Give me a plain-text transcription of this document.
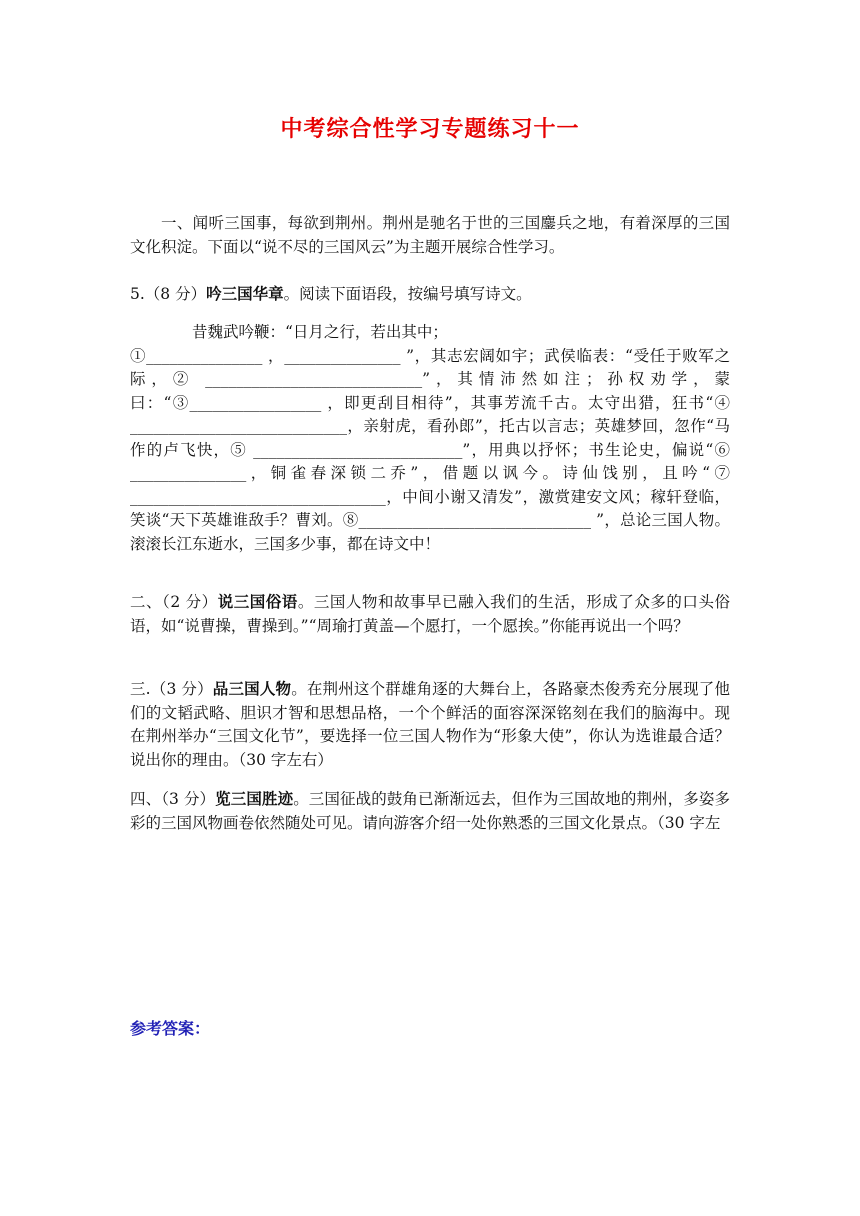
中考综合性学习专题练习十一

一、闻听三国事，每欲到荆州。荆州是驰名于世的三国鏖兵之地，有着深厚的三国文化积淀。下面以“说不尽的三国风云”为主题开展综合性学习。

5.（8 分）吟三国华章。阅读下面语段，按编号填写诗文。

昔魏武吟鞭：“日月之行，若出其中；

①_______________ ，_______________ ”，其志宏阔如宇；武侯临表：“受任于败军之际，② ____________________________”，其情沛然如注；孙权劝学，蒙曰：“③_________________ ，即更刮目相待”，其事芳流千古。太守出猎，狂书“④ ____________________________，亲射虎，看孙郎”，托古以言志；英雄梦回，忽作“马作的卢飞快，⑤ ___________________________”，用典以抒怀；书生论史，偏说“⑥ _______________，铜雀春深锁二乔”，借题以讽今。诗仙饯别，且吟“⑦ _________________________________，中间小谢又清发”，激赏建安文风；稼轩登临，笑谈“天下英雄谁敌手？曹刘。⑧______________________________ ”，总论三国人物。滚滚长江东逝水，三国多少事，都在诗文中！

二、（2 分）说三国俗语。三国人物和故事早已融入我们的生活，形成了众多的口头俗语，如“说曹操，曹操到。”“周瑜打黄盖—个愿打，一个愿挨。”你能再说出一个吗？

三.（3 分）品三国人物。在荆州这个群雄角逐的大舞台上，各路豪杰俊秀充分展现了他们的文韬武略、胆识才智和思想品格，一个个鲜活的面容深深铭刻在我们的脑海中。现在荆州举办“三国文化节”，要选择一位三国人物作为“形象大使”，你认为选谁最合适？说出你的理由。（30 字左右）

四、（3 分）览三国胜迹。三国征战的鼓角已渐渐远去，但作为三国故地的荆州，多姿多彩的三国风物画卷依然随处可见。请向游客介绍一处你熟悉的三国文化景点。（30 字左

参考答案：
